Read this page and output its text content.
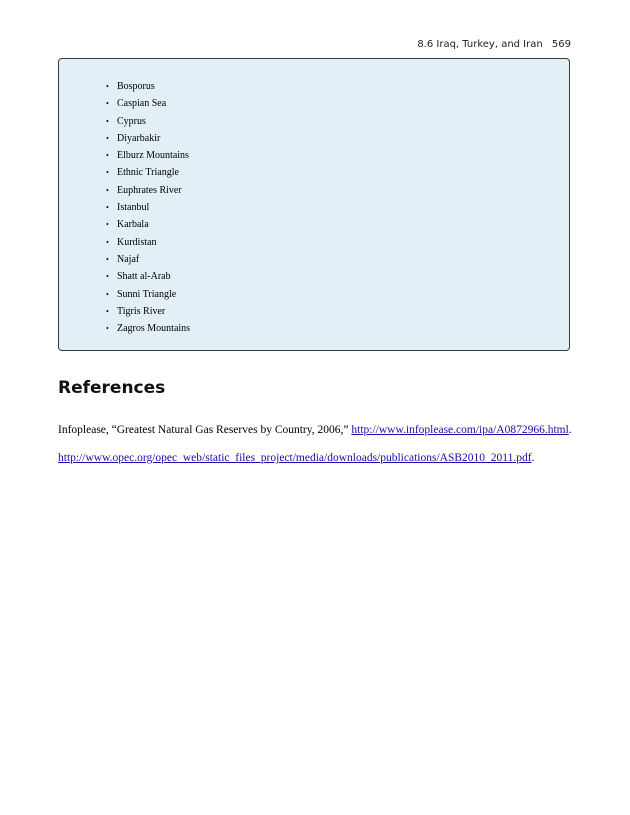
8.6 Iraq, Turkey, and Iran 569
• Bosporus
• Caspian Sea
• Cyprus
• Diyarbakir
• Elburz Mountains
• Ethnic Triangle
• Euphrates River
• Istanbul
• Karbala
• Kurdistan
• Najaf
• Shatt al-Arab
• Sunni Triangle
• Tigris River
• Zagros Mountains
References

Infoplease, “Greatest Natural Gas Reserves by Country, 2006,” http://www.infoplease.com/ipa/A0872966.html.

http://www.opec.org/opec_web/static_files_project/media/downloads/publications/ASB2010_2011.pdf.
